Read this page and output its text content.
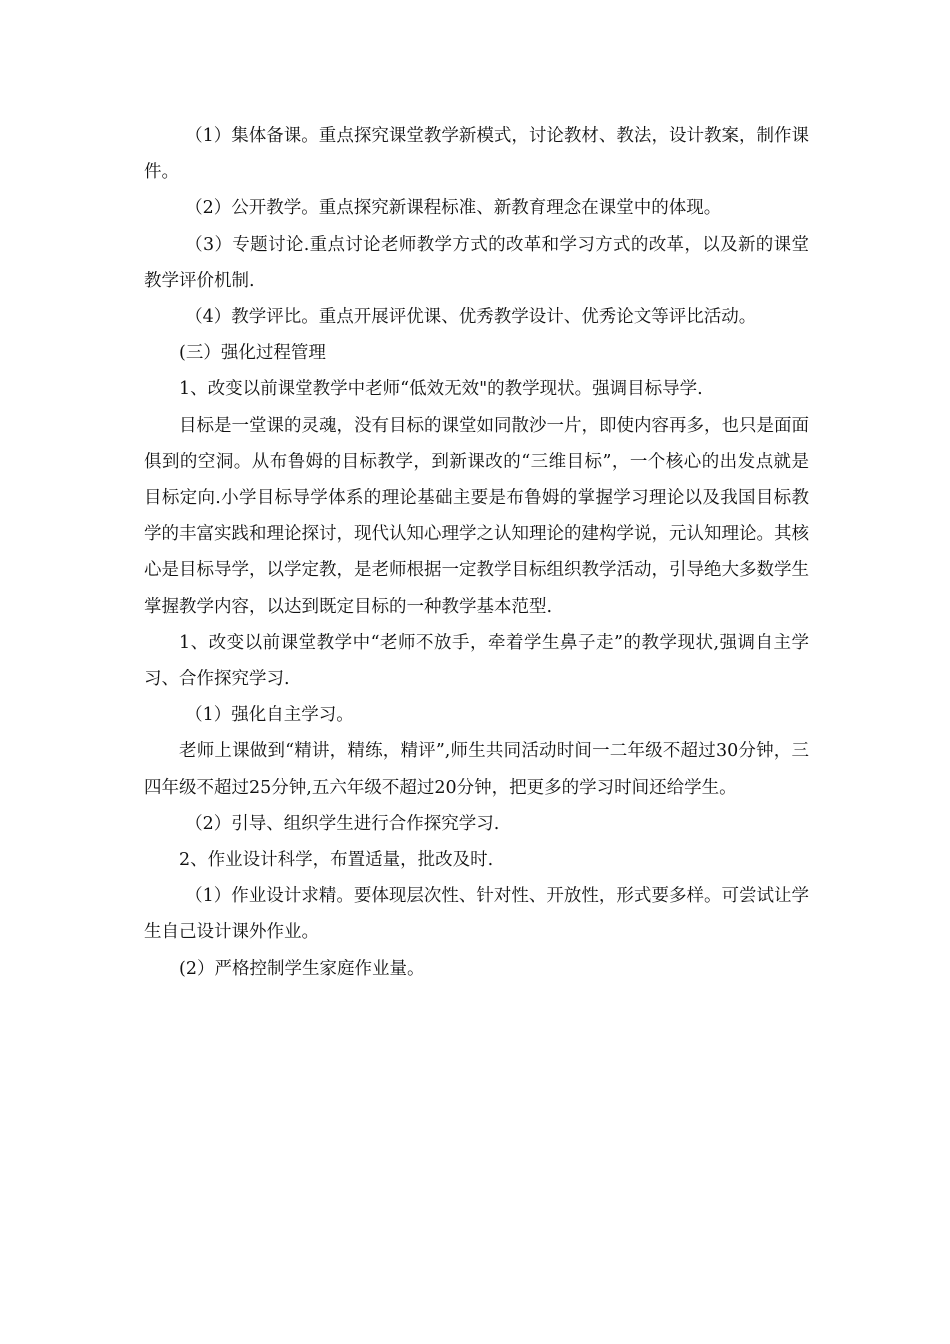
（1）集体备课。重点探究课堂教学新模式，讨论教材、教法，设计教案，制作课件。

（2）公开教学。重点探究新课程标准、新教育理念在课堂中的体现。

（3）专题讨论.重点讨论老师教学方式的改革和学习方式的改革，以及新的课堂教学评价机制.

（4）教学评比。重点开展评优课、优秀教学设计、优秀论文等评比活动。

(三）强化过程管理

1、改变以前课堂教学中老师“低效无效"的教学现状。强调目标导学.

目标是一堂课的灵魂，没有目标的课堂如同散沙一片，即使内容再多，也只是面面俱到的空洞。从布鲁姆的目标教学，到新课改的“三维目标”，一个核心的出发点就是目标定向.小学目标导学体系的理论基础主要是布鲁姆的掌握学习理论以及我国目标教学的丰富实践和理论探讨，现代认知心理学之认知理论的建构学说，元认知理论。其核心是目标导学，以学定教，是老师根据一定教学目标组织教学活动，引导绝大多数学生掌握教学内容，以达到既定目标的一种教学基本范型.

1、改变以前课堂教学中“老师不放手，牵着学生鼻子走”的教学现状,强调自主学习、合作探究学习.

（1）强化自主学习。

老师上课做到“精讲，精练，精评”,师生共同活动时间一二年级不超过30分钟，三四年级不超过25分钟,五六年级不超过20分钟，把更多的学习时间还给学生。

（2）引导、组织学生进行合作探究学习.

2、作业设计科学，布置适量，批改及时.

（1）作业设计求精。要体现层次性、针对性、开放性，形式要多样。可尝试让学生自己设计课外作业。

(2）严格控制学生家庭作业量。
